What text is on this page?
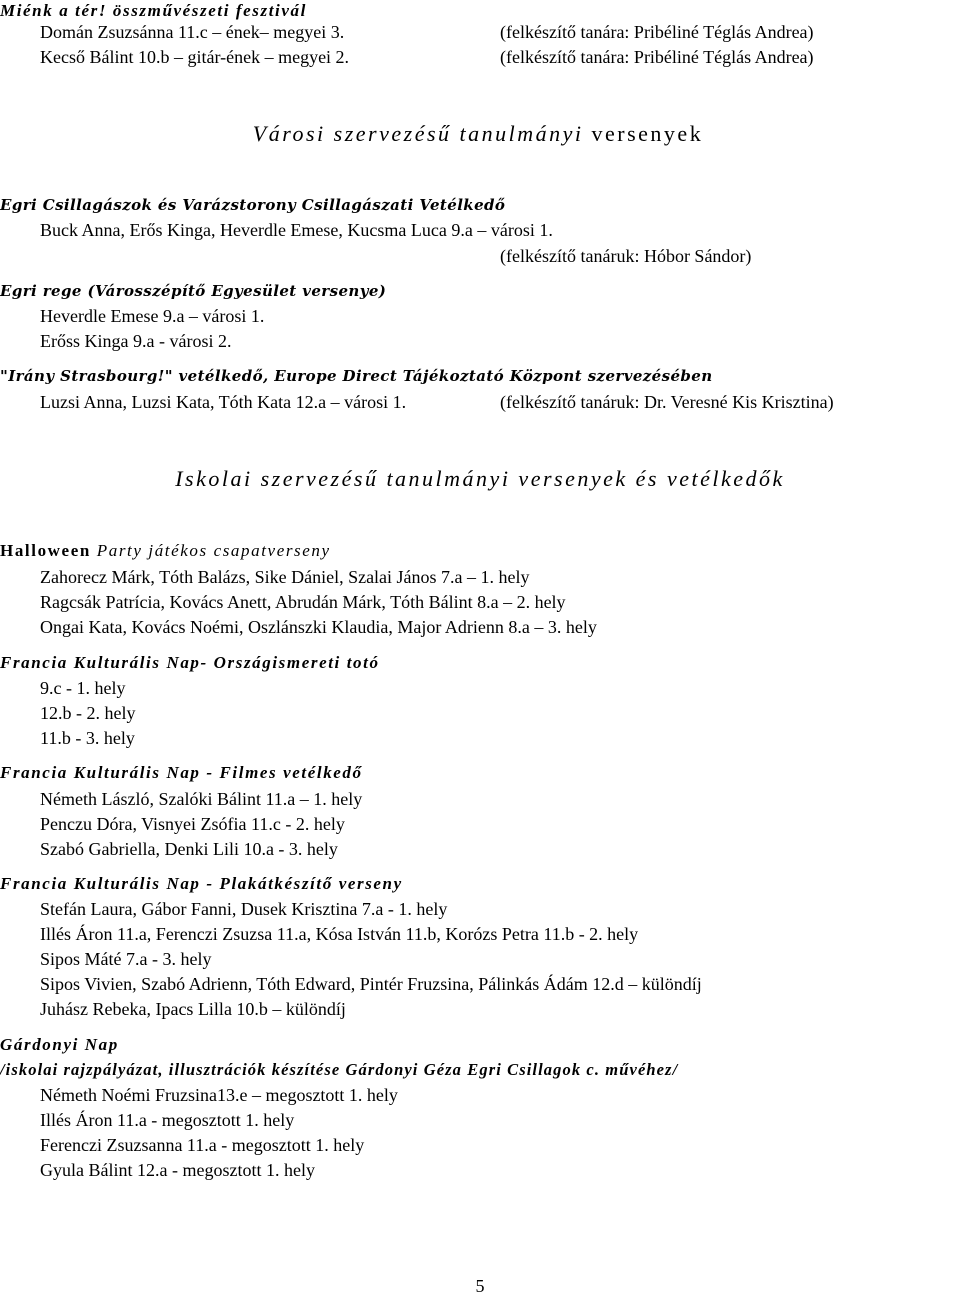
Miénk a tér! összművészeti fesztivál
Domán Zsuzsánna 11.c – ének– megyei 3.	(felkészítő tanára: Pribéliné Téglás Andrea)
Kecső Bálint 10.b – gitár-ének – megyei 2.	(felkészítő tanára: Pribéliné Téglás Andrea)
Városi szervezésű tanulmányi versenyek
Egri Csillagászok és Varázstorony Csillagászati Vetélkedő
Buck Anna, Erős Kinga, Heverdle Emese, Kucsma Luca 9.a – városi 1.
(felkészítő tanáruk: Hóbor Sándor)
Egri rege (Városszépítő Egyesület versenye)
Heverdle Emese 9.a – városi 1.
Erőss Kinga 9.a - városi 2.
"Irány Strasbourg!" vetélkedő, Europe Direct Tájékoztató Központ szervezésében
Luzsi Anna, Luzsi Kata, Tóth Kata 12.a – városi 1.	(felkészítő tanáruk: Dr. Veresné Kis Krisztina)
Iskolai szervezésű tanulmányi versenyek és vetélkedők
Halloween Party játékos csapatverseny
Zahorecz Márk, Tóth Balázs, Sike Dániel, Szalai János 7.a – 1. hely
Ragcsák Patrícia, Kovács Anett, Abrudán Márk, Tóth Bálint 8.a – 2. hely
Ongai Kata, Kovács Noémi, Oszlánszki Klaudia, Major Adrienn 8.a – 3. hely
Francia Kulturális Nap- Országismereti totó
9.c - 1. hely
12.b - 2. hely
11.b - 3. hely
Francia Kulturális Nap - Filmes vetélkedő
Németh László, Szalóki Bálint 11.a – 1. hely
Penczu Dóra, Visnyei Zsófia 11.c - 2. hely
Szabó Gabriella, Denki Lili 10.a - 3. hely
Francia Kulturális Nap - Plakátkészítő verseny
Stefán Laura, Gábor Fanni, Dusek Krisztina 7.a - 1. hely
Illés Áron 11.a, Ferenczi Zsuzsa 11.a, Kósa István 11.b, Korózs Petra 11.b - 2. hely
Sipos Máté 7.a - 3. hely
Sipos Vivien, Szabó Adrienn, Tóth Edward, Pintér Fruzsina, Pálinkás Ádám 12.d – különdíj
Juhász Rebeka, Ipacs Lilla 10.b – különdíj
Gárdonyi Nap
/iskolai rajzpályázat, illusztrációk készítése Gárdonyi Géza Egri Csillagok c. művéhez/
Németh Noémi Fruzsina13.e – megosztott 1. hely
Illés Áron 11.a - megosztott 1. hely
Ferenczi Zsuzsanna 11.a - megosztott 1. hely
Gyula Bálint 12.a - megosztott 1. hely
5
